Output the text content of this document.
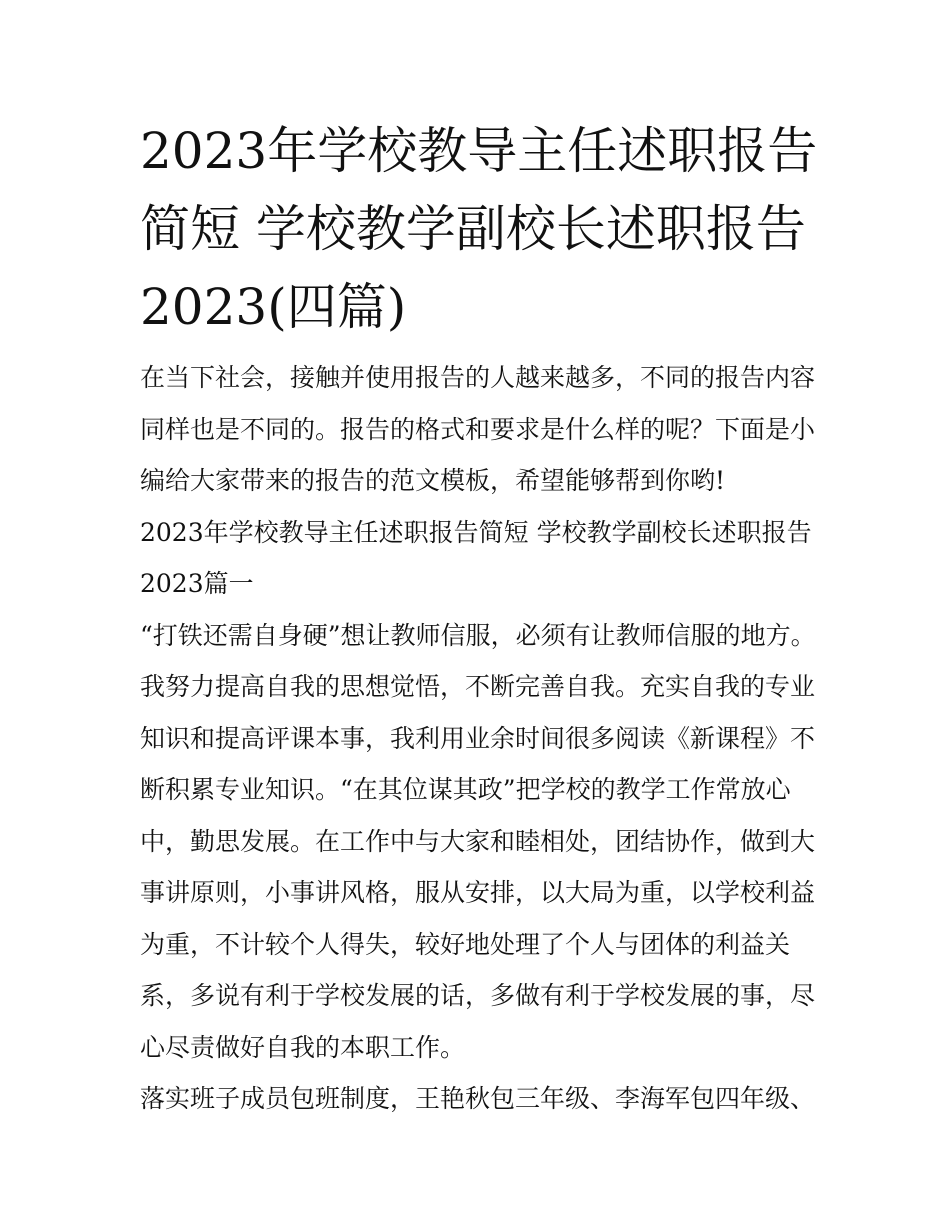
2023年学校教导主任述职报告
简短 学校教学副校长述职报告
2023(四篇)
在当下社会，接触并使用报告的人越来越多，不同的报告内容
同样也是不同的。报告的格式和要求是什么样的呢？下面是小
编给大家带来的报告的范文模板，希望能够帮到你哟!
2023年学校教导主任述职报告简短 学校教学副校长述职报告
2023篇一
“打铁还需自身硬”想让教师信服，必须有让教师信服的地方。
我努力提高自我的思想觉悟，不断完善自我。充实自我的专业
知识和提高评课本事，我利用业余时间很多阅读《新课程》不
断积累专业知识。“在其位谋其政”把学校的教学工作常放心
中，勤思发展。在工作中与大家和睦相处，团结协作，做到大
事讲原则，小事讲风格，服从安排，以大局为重，以学校利益
为重，不计较个人得失，较好地处理了个人与团体的利益关
系，多说有利于学校发展的话，多做有利于学校发展的事，尽
心尽责做好自我的本职工作。
落实班子成员包班制度，王艳秋包三年级、李海军包四年级、
